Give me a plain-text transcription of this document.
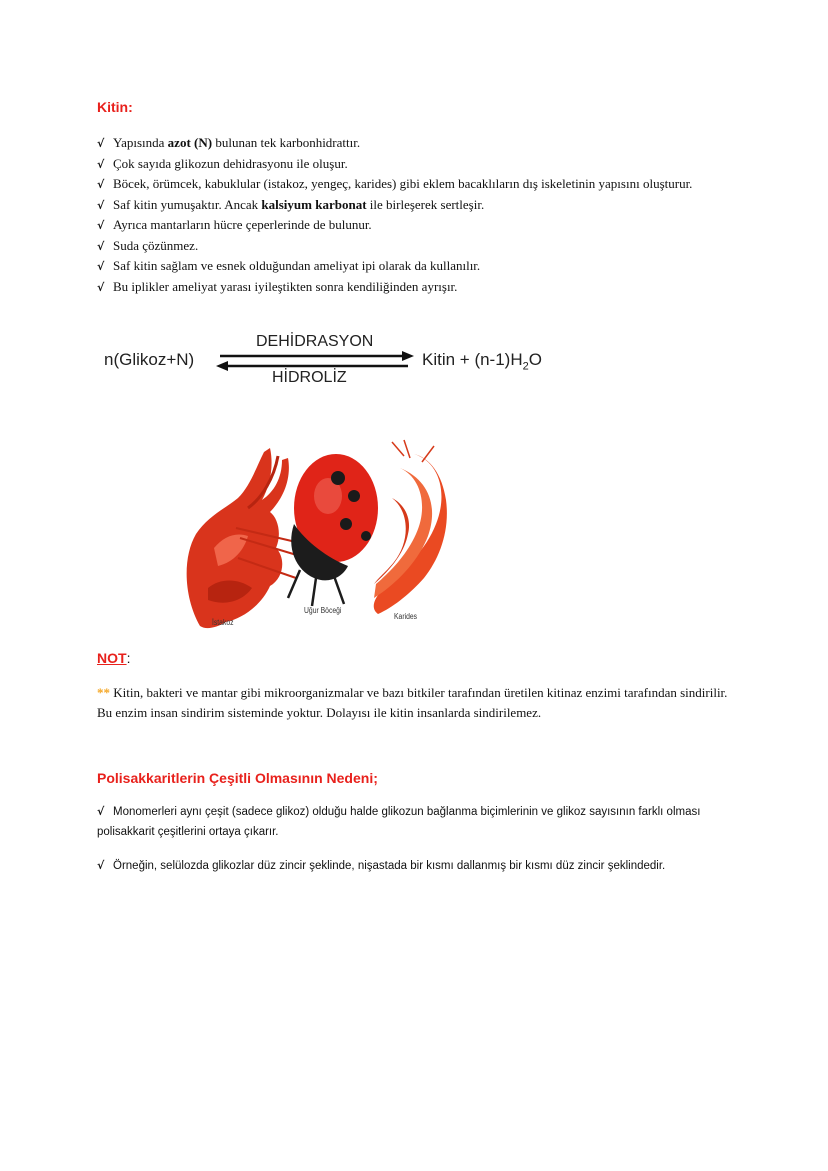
Kitin:

√ Yapısında azot (N) bulunan tek karbonhidrattır.

√ Çok sayıda glikozun dehidrasyonu ile oluşur.

√ Böcek, örümcek, kabuklular (istakoz, yengeç, karides) gibi eklem bacaklıların dış iskeletinin yapısını oluşturur.

√ Saf kitin yumuşaktır. Ancak kalsiyum karbonat ile birleşerek sertleşir.

√ Ayrıca mantarların hücre çeperlerinde de bulunur.

√ Suda çözünmez.

√ Saf kitin sağlam ve esnek olduğundan ameliyat ipi olarak da kullanılır.

√ Bu iplikler ameliyat yarası iyileştikten sonra kendiliğinden ayrışır.

n(Glikoz+N)
DEHİDRASYON
HİDROLİZ
Kitin + $(n-1)H_2O$
İstakoz
Uğur Böceği
Karides
NOT:
** Kitin, bakteri ve mantar gibi mikroorganizmalar ve bazı bitkiler tarafından üretilen kitinaz enzimi tarafından sindirilir. Bu enzim insan sindirim sisteminde yoktur. Dolayısı ile kitin insanlarda sindirilemez.
Polisakkaritlerin Çeşitli Olmasının Nedeni;
√ Monomerleri aynı çeşit (sadece glikoz) olduğu halde glikozun bağlanma biçimlerinin ve glikoz sayısının farklı olması polisakkarit çeşitlerini ortaya çıkarır.
√ Örneğin, selülozda glikozlar düz zincir şeklinde, nişastada bir kısmı dallanmış bir kısmı düz zincir şeklindedir.
